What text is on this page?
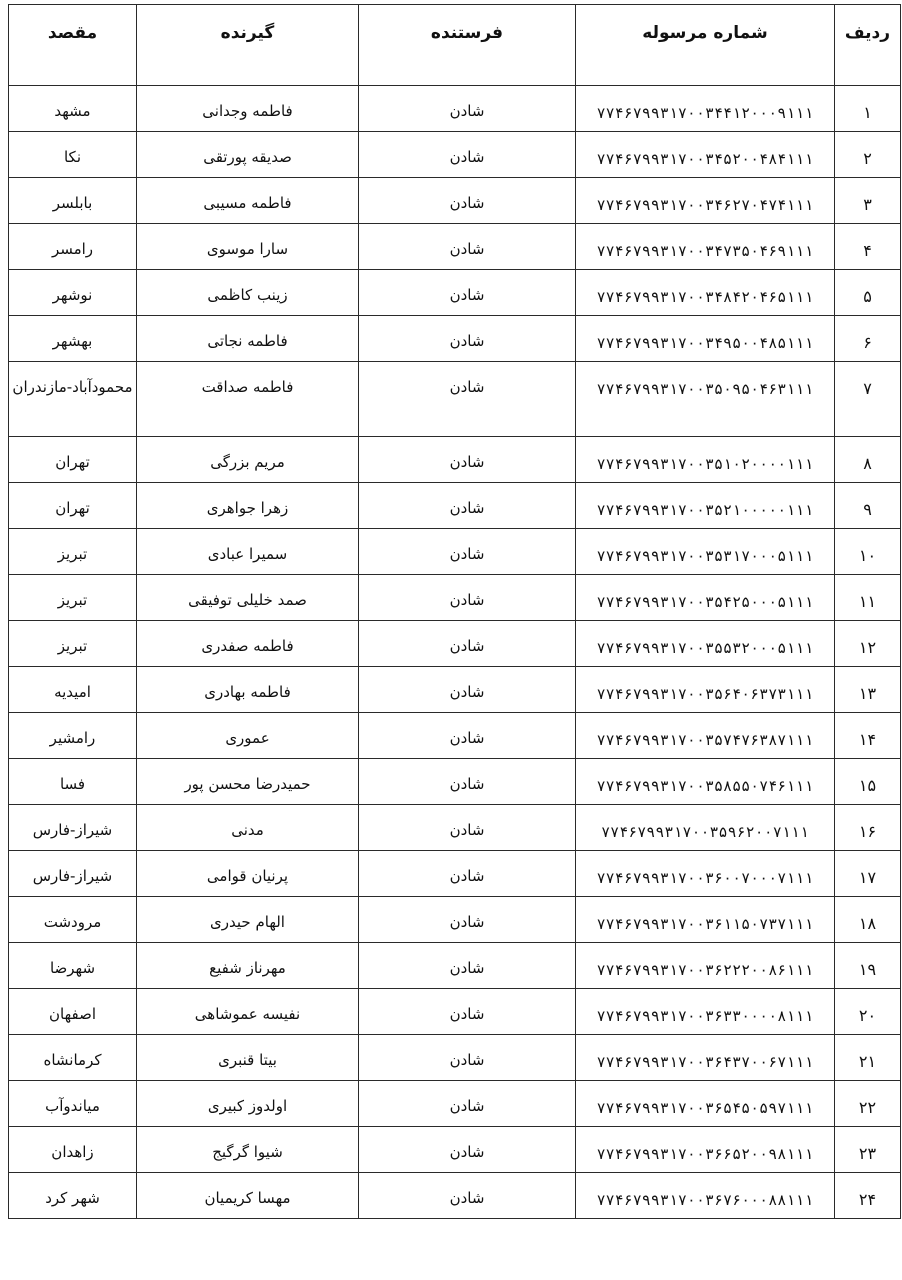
ردیف	شماره مرسوله	فرستنده	گیرنده	مقصد
۱	۷۷۴۶۷۹۹۳۱۷۰۰۳۴۴۱۲۰۰۰۹۱۱۱	شادن	فاطمه وجدانی	مشهد
۲	۷۷۴۶۷۹۹۳۱۷۰۰۳۴۵۲۰۰۴۸۴۱۱۱	شادن	صدیقه پورتقی	نکا
۳	۷۷۴۶۷۹۹۳۱۷۰۰۳۴۶۲۷۰۴۷۴۱۱۱	شادن	فاطمه مسیبی	بابلسر
۴	۷۷۴۶۷۹۹۳۱۷۰۰۳۴۷۳۵۰۴۶۹۱۱۱	شادن	سارا موسوی	رامسر
۵	۷۷۴۶۷۹۹۳۱۷۰۰۳۴۸۴۲۰۴۶۵۱۱۱	شادن	زینب کاظمی	نوشهر
۶	۷۷۴۶۷۹۹۳۱۷۰۰۳۴۹۵۰۰۴۸۵۱۱۱	شادن	فاطمه نجاتی	بهشهر
۷	۷۷۴۶۷۹۹۳۱۷۰۰۳۵۰۹۵۰۴۶۳۱۱۱	شادن	فاطمه صداقت	محمودآباد-مازندران
۸	۷۷۴۶۷۹۹۳۱۷۰۰۳۵۱۰۲۰۰۰۰۱۱۱	شادن	مریم بزرگی	تهران
۹	۷۷۴۶۷۹۹۳۱۷۰۰۳۵۲۱۰۰۰۰۰۱۱۱	شادن	زهرا جواهری	تهران
۱۰	۷۷۴۶۷۹۹۳۱۷۰۰۳۵۳۱۷۰۰۰۵۱۱۱	شادن	سمیرا عبادی	تبریز
۱۱	۷۷۴۶۷۹۹۳۱۷۰۰۳۵۴۲۵۰۰۰۵۱۱۱	شادن	صمد خلیلی توفیقی	تبریز
۱۲	۷۷۴۶۷۹۹۳۱۷۰۰۳۵۵۳۲۰۰۰۵۱۱۱	شادن	فاطمه صفدری	تبریز
۱۳	۷۷۴۶۷۹۹۳۱۷۰۰۳۵۶۴۰۶۳۷۳۱۱۱	شادن	فاطمه بهادری	امیدیه
۱۴	۷۷۴۶۷۹۹۳۱۷۰۰۳۵۷۴۷۶۳۸۷۱۱۱	شادن	عموری	رامشیر
۱۵	۷۷۴۶۷۹۹۳۱۷۰۰۳۵۸۵۵۰۷۴۶۱۱۱	شادن	حمیدرضا محسن پور	فسا
۱۶	۷۷۴۶۷۹۹۳۱۷۰۰۳۵۹۶۲۰۰۷۱۱۱	شادن	مدنی	شیراز-فارس
۱۷	۷۷۴۶۷۹۹۳۱۷۰۰۳۶۰۰۷۰۰۰۷۱۱۱	شادن	پرنیان قوامی	شیراز-فارس
۱۸	۷۷۴۶۷۹۹۳۱۷۰۰۳۶۱۱۵۰۷۳۷۱۱۱	شادن	الهام حیدری	مرودشت
۱۹	۷۷۴۶۷۹۹۳۱۷۰۰۳۶۲۲۲۰۰۸۶۱۱۱	شادن	مهرناز شفیع	شهرضا
۲۰	۷۷۴۶۷۹۹۳۱۷۰۰۳۶۳۳۰۰۰۰۸۱۱۱	شادن	نفیسه عموشاهی	اصفهان
۲۱	۷۷۴۶۷۹۹۳۱۷۰۰۳۶۴۳۷۰۰۶۷۱۱۱	شادن	بیتا قنبری	کرمانشاه
۲۲	۷۷۴۶۷۹۹۳۱۷۰۰۳۶۵۴۵۰۵۹۷۱۱۱	شادن	اولدوز کبیری	میاندوآب
۲۳	۷۷۴۶۷۹۹۳۱۷۰۰۳۶۶۵۲۰۰۹۸۱۱۱	شادن	شیوا گرگیج	زاهدان
۲۴	۷۷۴۶۷۹۹۳۱۷۰۰۳۶۷۶۰۰۰۸۸۱۱۱	شادن	مهسا کریمیان	شهر کرد
